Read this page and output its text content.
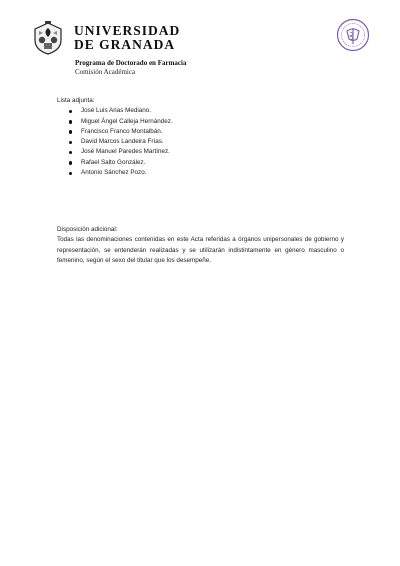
UNIVERSIDAD
DE GRANADA
Programa de Doctorado en Farmacia
Comisión Académica

Lista adjunta:

José Luis Arias Mediano.
Miguel Ángel Calleja Hernández.
Francisco Franco Montalbán.
David Marcos Landeira Frías.
José Manuel Paredes Martínez.
Rafael Salto González.
Antonio Sánchez Pozo.

Disposición adicional:

Todas las denominaciones contenidas en este Acta referidas a órganos unipersonales de gobierno y representación, se entenderán realizadas y se utilizarán indistintamente en género masculino o femenino, según el sexo del titular que los desempeñe.
